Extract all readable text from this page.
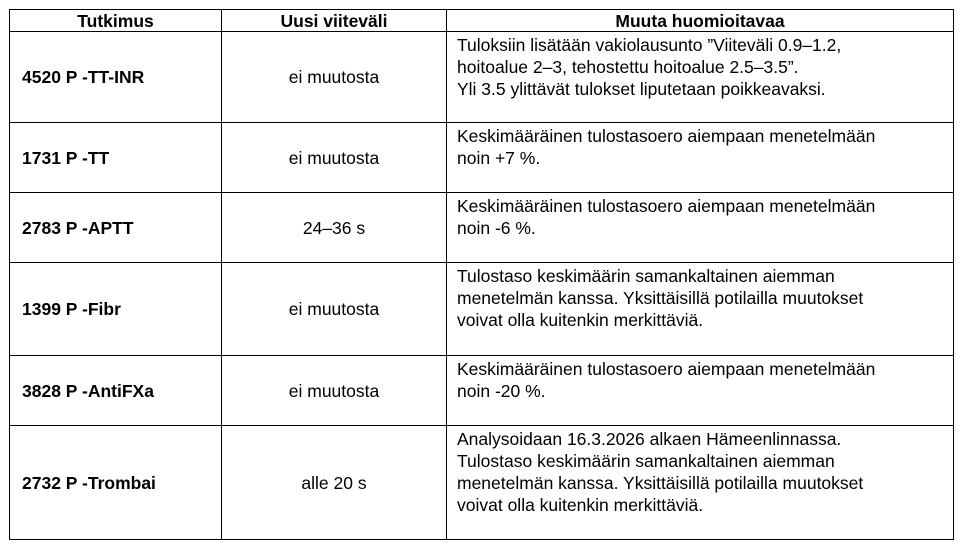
Tutkimus	Uusi viiteväli	Muuta huomioitavaa
4520 P -TT-INR	ei muutosta	Tuloksiin lisätään vakiolausunto ”Viiteväli 0.9–1.2,
hoitoalue 2–3, tehostettu hoitoalue 2.5–3.5”.
Yli 3.5 ylittävät tulokset liputetaan poikkeavaksi.

1731 P -TT	ei muutosta	Keskimääräinen tulostasoero aiempaan menetelmään
noin +7 %.

2783 P -APTT	24–36 s	Keskimääräinen tulostasoero aiempaan menetelmään
noin -6 %.

1399 P -Fibr	ei muutosta	Tulostaso keskimäärin samankaltainen aiemman
menetelmän kanssa. Yksittäisillä potilailla muutokset
voivat olla kuitenkin merkittäviä.

3828 P -AntiFXa	ei muutosta	Keskimääräinen tulostasoero aiempaan menetelmään
noin -20 %.

2732 P -Trombai	alle 20 s	Analysoidaan 16.3.2026 alkaen Hämeenlinnassa.
Tulostaso keskimäärin samankaltainen aiemman
menetelmän kanssa. Yksittäisillä potilailla muutokset
voivat olla kuitenkin merkittäviä.
